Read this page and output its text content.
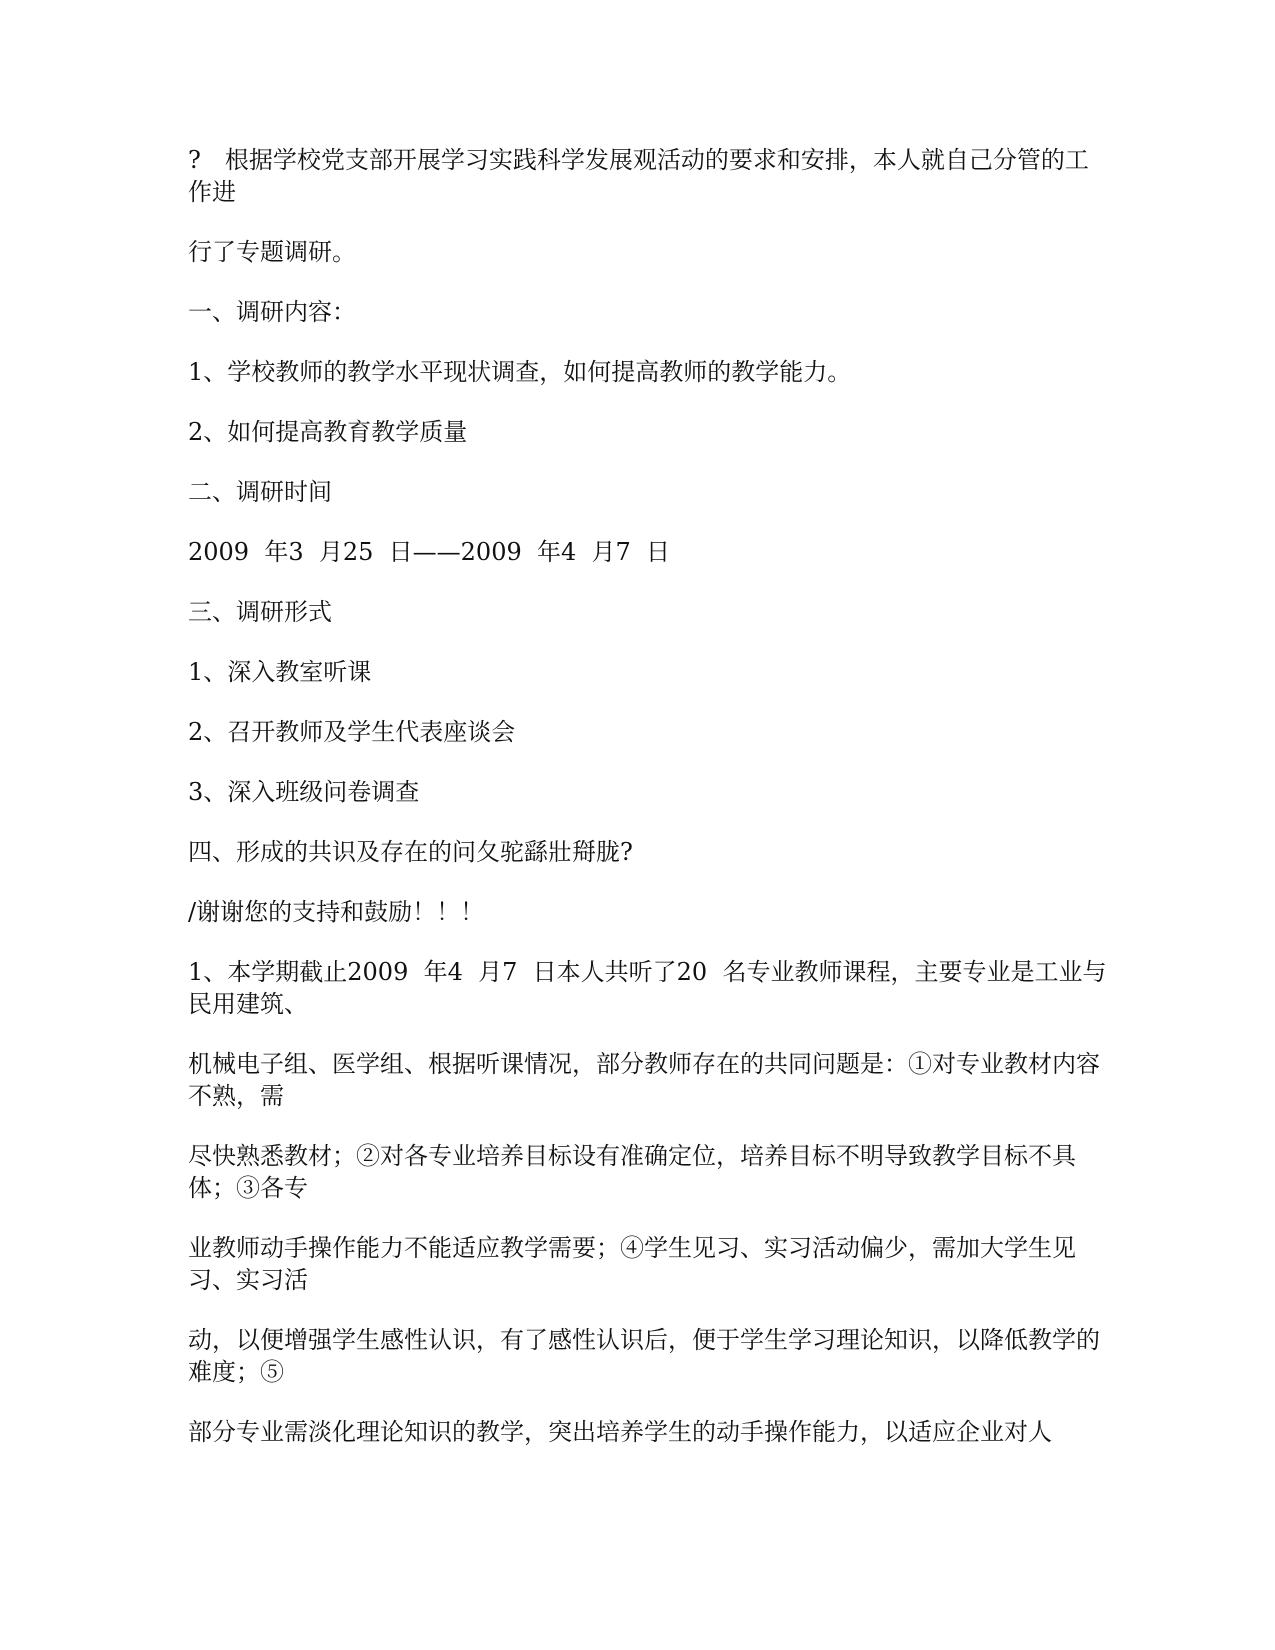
?　根据学校党支部开展学习实践科学发展观活动的要求和安排，本人就自己分管的工作进

行了专题调研。

一、调研内容：

1、学校教师的教学水平现状调查，如何提高教师的教学能力。

2、如何提高教育教学质量

二、调研时间

2009  年3  月25  日——2009  年4  月7  日

三、调研形式

1、深入教室听课

2、召开教师及学生代表座谈会

3、深入班级问卷调查

四、形成的共识及存在的问夂驼繇壯搿胧?

/谢谢您的支持和鼓励！！！

1、本学期截止2009  年4  月7  日本人共听了20  名专业教师课程，主要专业是工业与民用建筑、

机械电子组、医学组、根据听课情况，部分教师存在的共同问题是：①对专业教材内容不熟，需

尽快熟悉教材；②对各专业培养目标设有准确定位，培养目标不明导致教学目标不具体；③各专

业教师动手操作能力不能适应教学需要；④学生见习、实习活动偏少，需加大学生见习、实习活

动，以便增强学生感性认识，有了感性认识后，便于学生学习理论知识，以降低教学的难度；⑤

部分专业需淡化理论知识的教学，突出培养学生的动手操作能力，以适应企业对人
